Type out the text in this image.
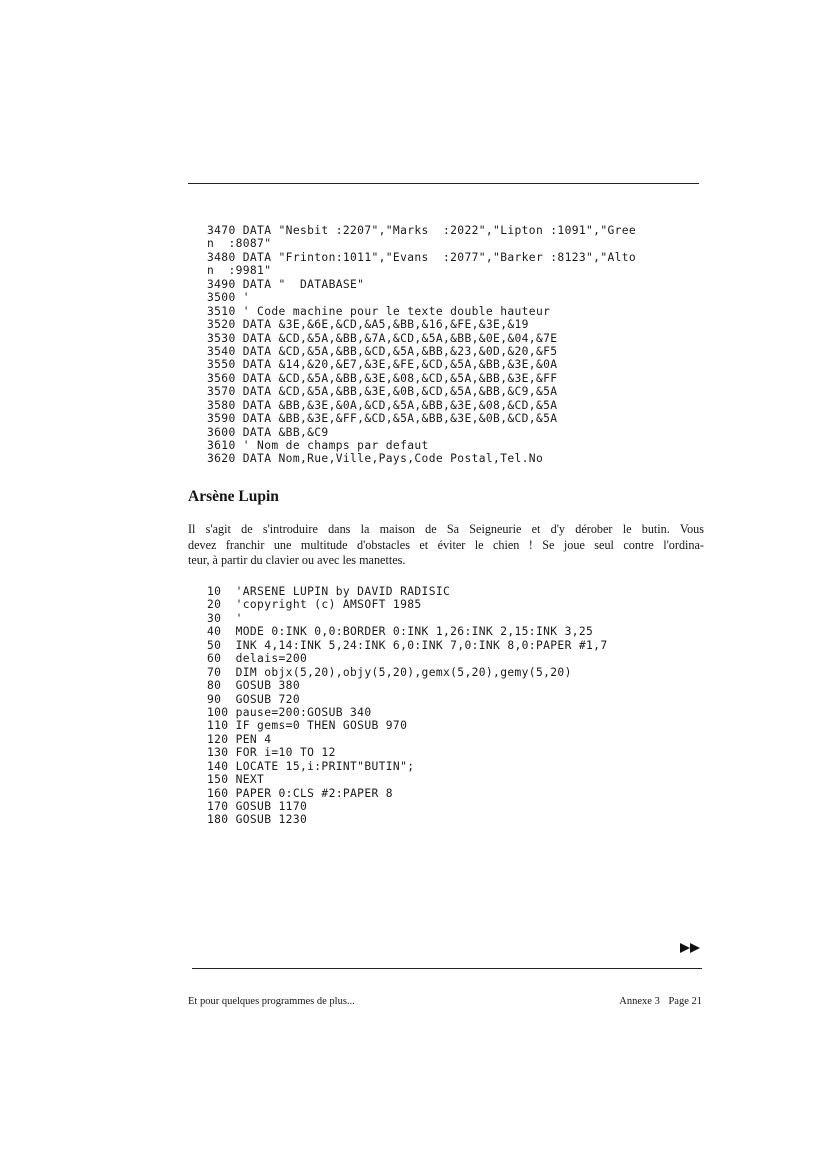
3470 DATA "Nesbit :2207","Marks  :2022","Lipton :1091","Gree
n  :8087"
3480 DATA "Frinton:1011","Evans  :2077","Barker :8123","Alto
n  :9981"
3490 DATA "  DATABASE"
3500 '
3510 ' Code machine pour le texte double hauteur
3520 DATA &3E,&6E,&CD,&A5,&BB,&16,&FE,&3E,&19
3530 DATA &CD,&5A,&BB,&7A,&CD,&5A,&BB,&0E,&04,&7E
3540 DATA &CD,&5A,&BB,&CD,&5A,&BB,&23,&0D,&20,&F5
3550 DATA &14,&20,&E7,&3E,&FE,&CD,&5A,&BB,&3E,&0A
3560 DATA &CD,&5A,&BB,&3E,&08,&CD,&5A,&BB,&3E,&FF
3570 DATA &CD,&5A,&BB,&3E,&0B,&CD,&5A,&BB,&C9,&5A
3580 DATA &BB,&3E,&0A,&CD,&5A,&BB,&3E,&08,&CD,&5A
3590 DATA &BB,&3E,&FF,&CD,&5A,&BB,&3E,&0B,&CD,&5A
3600 DATA &BB,&C9
3610 ' Nom de champs par defaut
3620 DATA Nom,Rue,Ville,Pays,Code Postal,Tel.No
Arsène Lupin

Il s'agit de s'introduire dans la maison de Sa Seigneurie et d'y dérober le butin. Vous
devez franchir une multitude d'obstacles et éviter le chien ! Se joue seul contre l'ordina-
teur, à partir du clavier ou avec les manettes.

10  'ARSENE LUPIN by DAVID RADISIC
20  'copyright (c) AMSOFT 1985
30  '
40  MODE 0:INK 0,0:BORDER 0:INK 1,26:INK 2,15:INK 3,25
50  INK 4,14:INK 5,24:INK 6,0:INK 7,0:INK 8,0:PAPER #1,7
60  delais=200
70  DIM objx(5,20),objy(5,20),gemx(5,20),gemy(5,20)
80  GOSUB 380
90  GOSUB 720
100 pause=200:GOSUB 340
110 IF gems=0 THEN GOSUB 970
120 PEN 4
130 FOR i=10 TO 12
140 LOCATE 15,i:PRINT"BUTIN";
150 NEXT
160 PAPER 0:CLS #2:PAPER 8
170 GOSUB 1170
180 GOSUB 1230
Et pour quelques programmes de plus...	Annexe 3 Page 21
